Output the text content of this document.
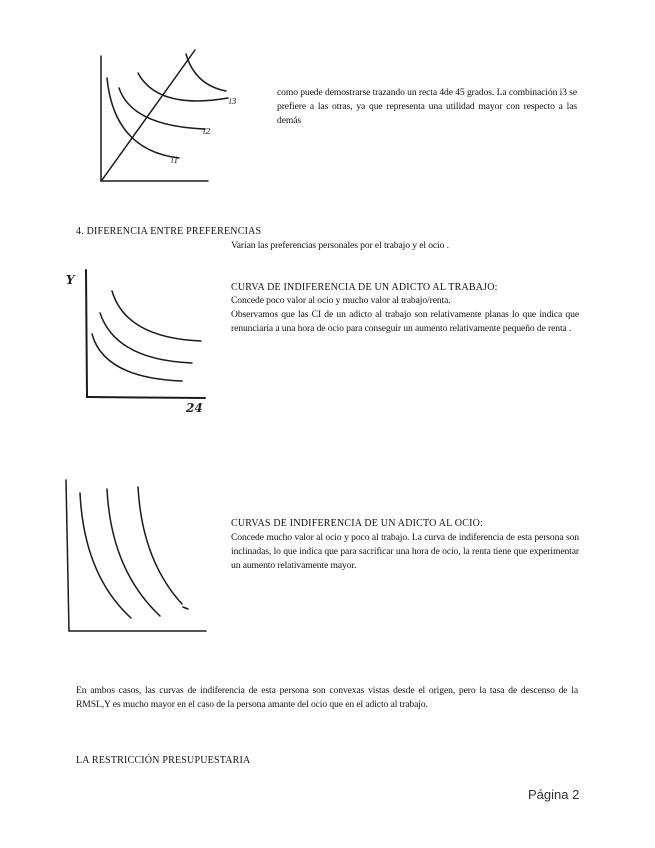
i3
i2
i1
como puede demostrarse trazando un recta 4de 45 grados. La combinación i3 se prefiere a las otras, ya que representa una utilidad mayor con respecto a las demás
4. DIFERENCIA ENTRE PREFERENCIAS
Varían las preferencias personales por el trabajo y el ocio .
Y
24
CURVA DE INDIFERENCIA DE UN ADICTO AL TRABAJO:
Concede poco valor al ocio y mucho valor al trabajo/renta.
Observamos que las CI de un adicto al trabajo son relativamente planas lo que indica que renunciaría a una hora de ocio para conseguir un aumento relativamente pequeño de renta .
CURVAS DE INDIFERENCIA DE UN ADICTO AL OCIO:
Concede mucho valor al ocio y poco al trabajo. La curva de indiferencia de esta persona son inclinadas, lo que indica que para sacrificar una hora de ocio, la renta tiene que experimentar un aumento relativamente mayor.
En ambos casos, las curvas de indiferencia de esta persona son convexas vistas desde el origen, pero la tasa de descenso de la RMSL,Y es mucho mayor en el caso de la persona amante del ocio que en el adicto al trabajo.
LA RESTRICCIÓN PRESUPUESTARIA
Página 2
